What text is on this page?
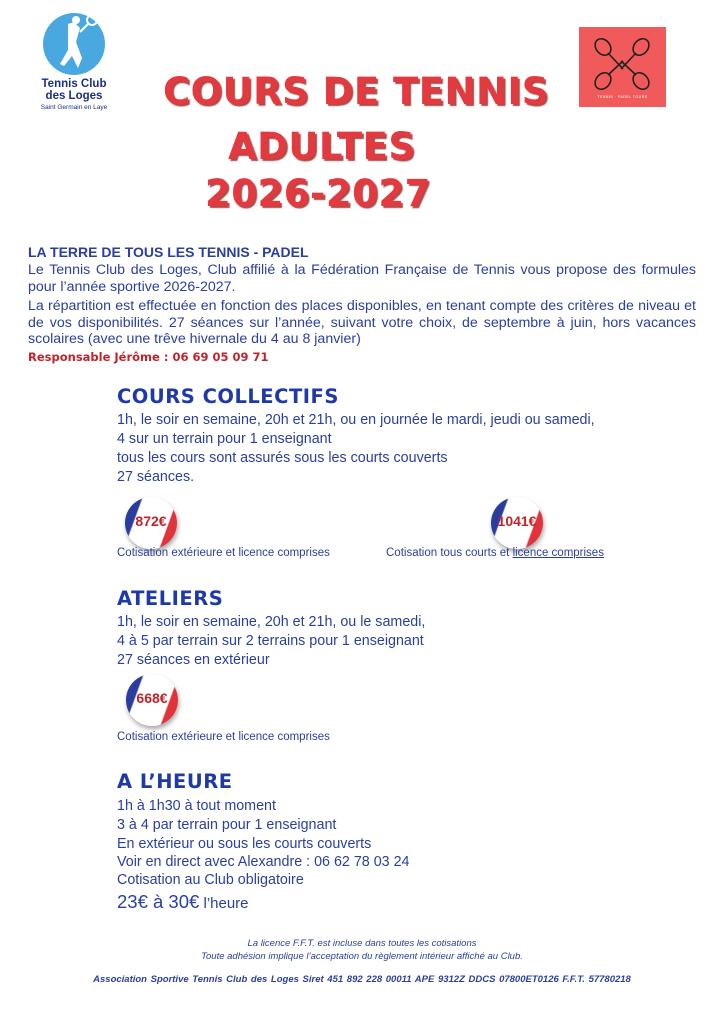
Tennis Club
des Loges
Saint Germain en Laye
TENNIS · PADEL TOURS
COURS DE TENNIS
ADULTES
2026-2027
LA TERRE DE TOUS LES TENNIS - PADEL
Le Tennis Club des Loges, Club affilié à la Fédération Française de Tennis vous propose des formules pour l’année sportive 2026-2027.
La répartition est effectuée en fonction des places disponibles, en tenant compte des critères de niveau et de vos disponibilités. 27 séances sur l’année, suivant votre choix, de septembre à juin, hors vacances scolaires (avec une trêve hivernale du 4 au 8 janvier)
Responsable Jérôme : 06 69 05 09 71
COURS COLLECTIFS
1h, le soir en semaine, 20h et 21h, ou en journée le mardi, jeudi ou samedi,
4 sur un terrain pour 1 enseignant
tous les cours sont assurés sous les courts couverts
27 séances.
872€
Cotisation extérieure et licence comprises
1041€
Cotisation tous courts et licence comprises
ATELIERS
1h, le soir en semaine, 20h et 21h, ou le samedi,
4 à 5 par terrain sur 2 terrains pour 1 enseignant
27 séances en extérieur
668€
Cotisation extérieure et licence comprises
A L’HEURE
1h à 1h30 à tout moment
3 à 4 par terrain pour 1 enseignant
En extérieur ou sous les courts couverts
Voir en direct avec Alexandre : 06 62 78 03 24
Cotisation au Club obligatoire
23€ à 30€ l’heure
La licence F.F.T. est incluse dans toutes les cotisations
Toute adhésion implique l’acceptation du règlement intérieur affiché au Club.
Association Sportive Tennis Club des Loges Siret 451 892 228 00011 APE 9312Z DDCS 07800ET0126 F.F.T. 57780218
